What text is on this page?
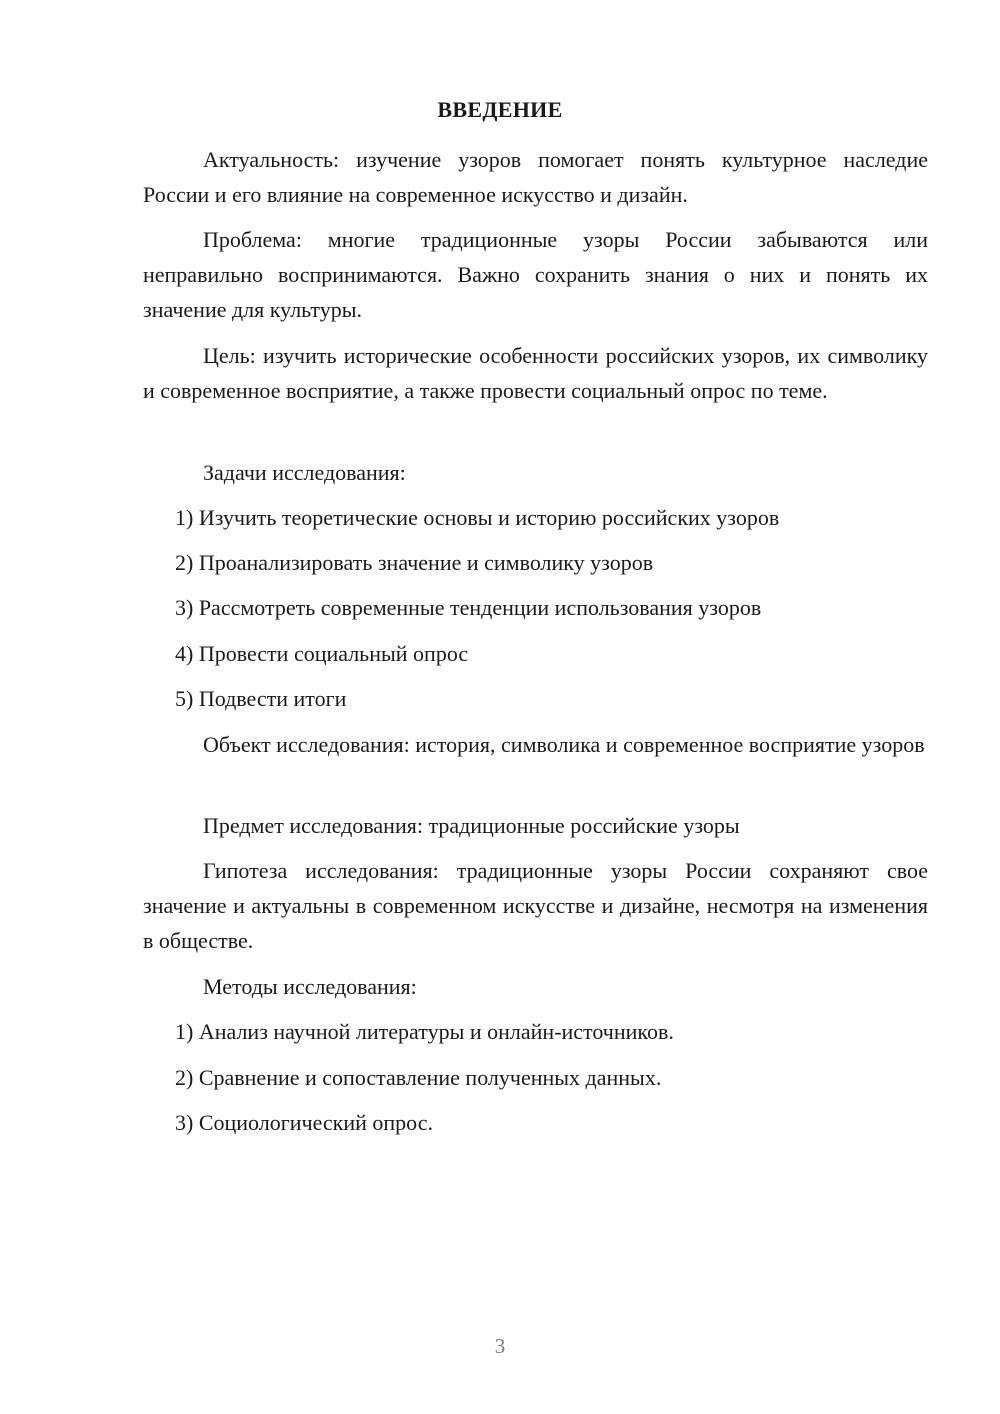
ВВЕДЕНИЕ

Актуальность: изучение узоров помогает понять культурное наследие России и его влияние на современное искусство и дизайн.

Проблема: многие традиционные узоры России забываются или неправильно воспринимаются. Важно сохранить знания о них и понять их значение для культуры.

Цель: изучить исторические особенности российских узоров, их символику и современное восприятие, а также провести социальный опрос по теме.

Задачи исследования:

1) Изучить теоретические основы и историю российских узоров

2) Проанализировать значение и символику узоров

3) Рассмотреть современные тенденции использования узоров

4) Провести социальный опрос

5) Подвести итоги

Объект исследования: история, символика и современное восприятие узоров

Предмет исследования: традиционные российские узоры

Гипотеза исследования: традиционные узоры России сохраняют свое значение и актуальны в современном искусстве и дизайне, несмотря на изменения в обществе.

Методы исследования:

1) Анализ научной литературы и онлайн-источников.

2) Сравнение и сопоставление полученных данных.

3) Социологический опрос.

3
